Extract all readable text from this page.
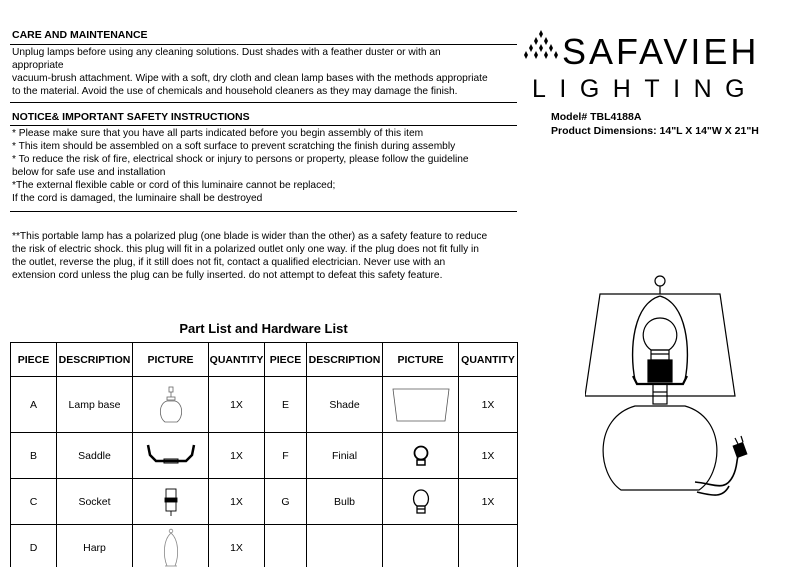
CARE AND MAINTENANCE
Unplug lamps before using any cleaning solutions. Dust shades with a feather duster or with an
appropriate
vacuum-brush attachment. Wipe with a soft, dry cloth and clean lamp bases with the methods appropriate
to the material. Avoid the use of chemicals and household cleaners as they may damage the finish.
NOTICE& IMPORTANT SAFETY INSTRUCTIONS
* Please make sure that you have all parts indicated before you begin assembly of this item
* This item should be assembled on a soft surface to prevent scratching the finish during assembly
* To reduce the risk of fire, electrical shock or injury to persons or property, please follow the guideline
below for safe use and installation
*The external flexible cable or cord of this luminaire cannot be replaced;
If the cord is damaged, the luminaire shall be destroyed
**This portable lamp has a polarized plug (one blade is wider than the other) as a safety feature to reduce
the risk of electric shock. this plug will fit in a polarized outlet only one way. if the plug does not fit fully in
the outlet, reverse the plug, if it still does not fit, contact a qualified electrician. Never use with an
extension cord unless the plug can be fully inserted. do not attempt to defeat this safety feature.
SAFAVIEH
LIGHTING
Model# TBL4188A
Product Dimensions: 14"L X 14"W X 21"H
Part List and Hardware List
PIECE	DESCRIPTION	PICTURE	QUANTITY	PIECE	DESCRIPTION	PICTURE	QUANTITY
A	Lamp base		1X	E	Shade		1X
B	Saddle		1X	F	Finial		1X
C	Socket		1X	G	Bulb		1X
D	Harp		1X				
